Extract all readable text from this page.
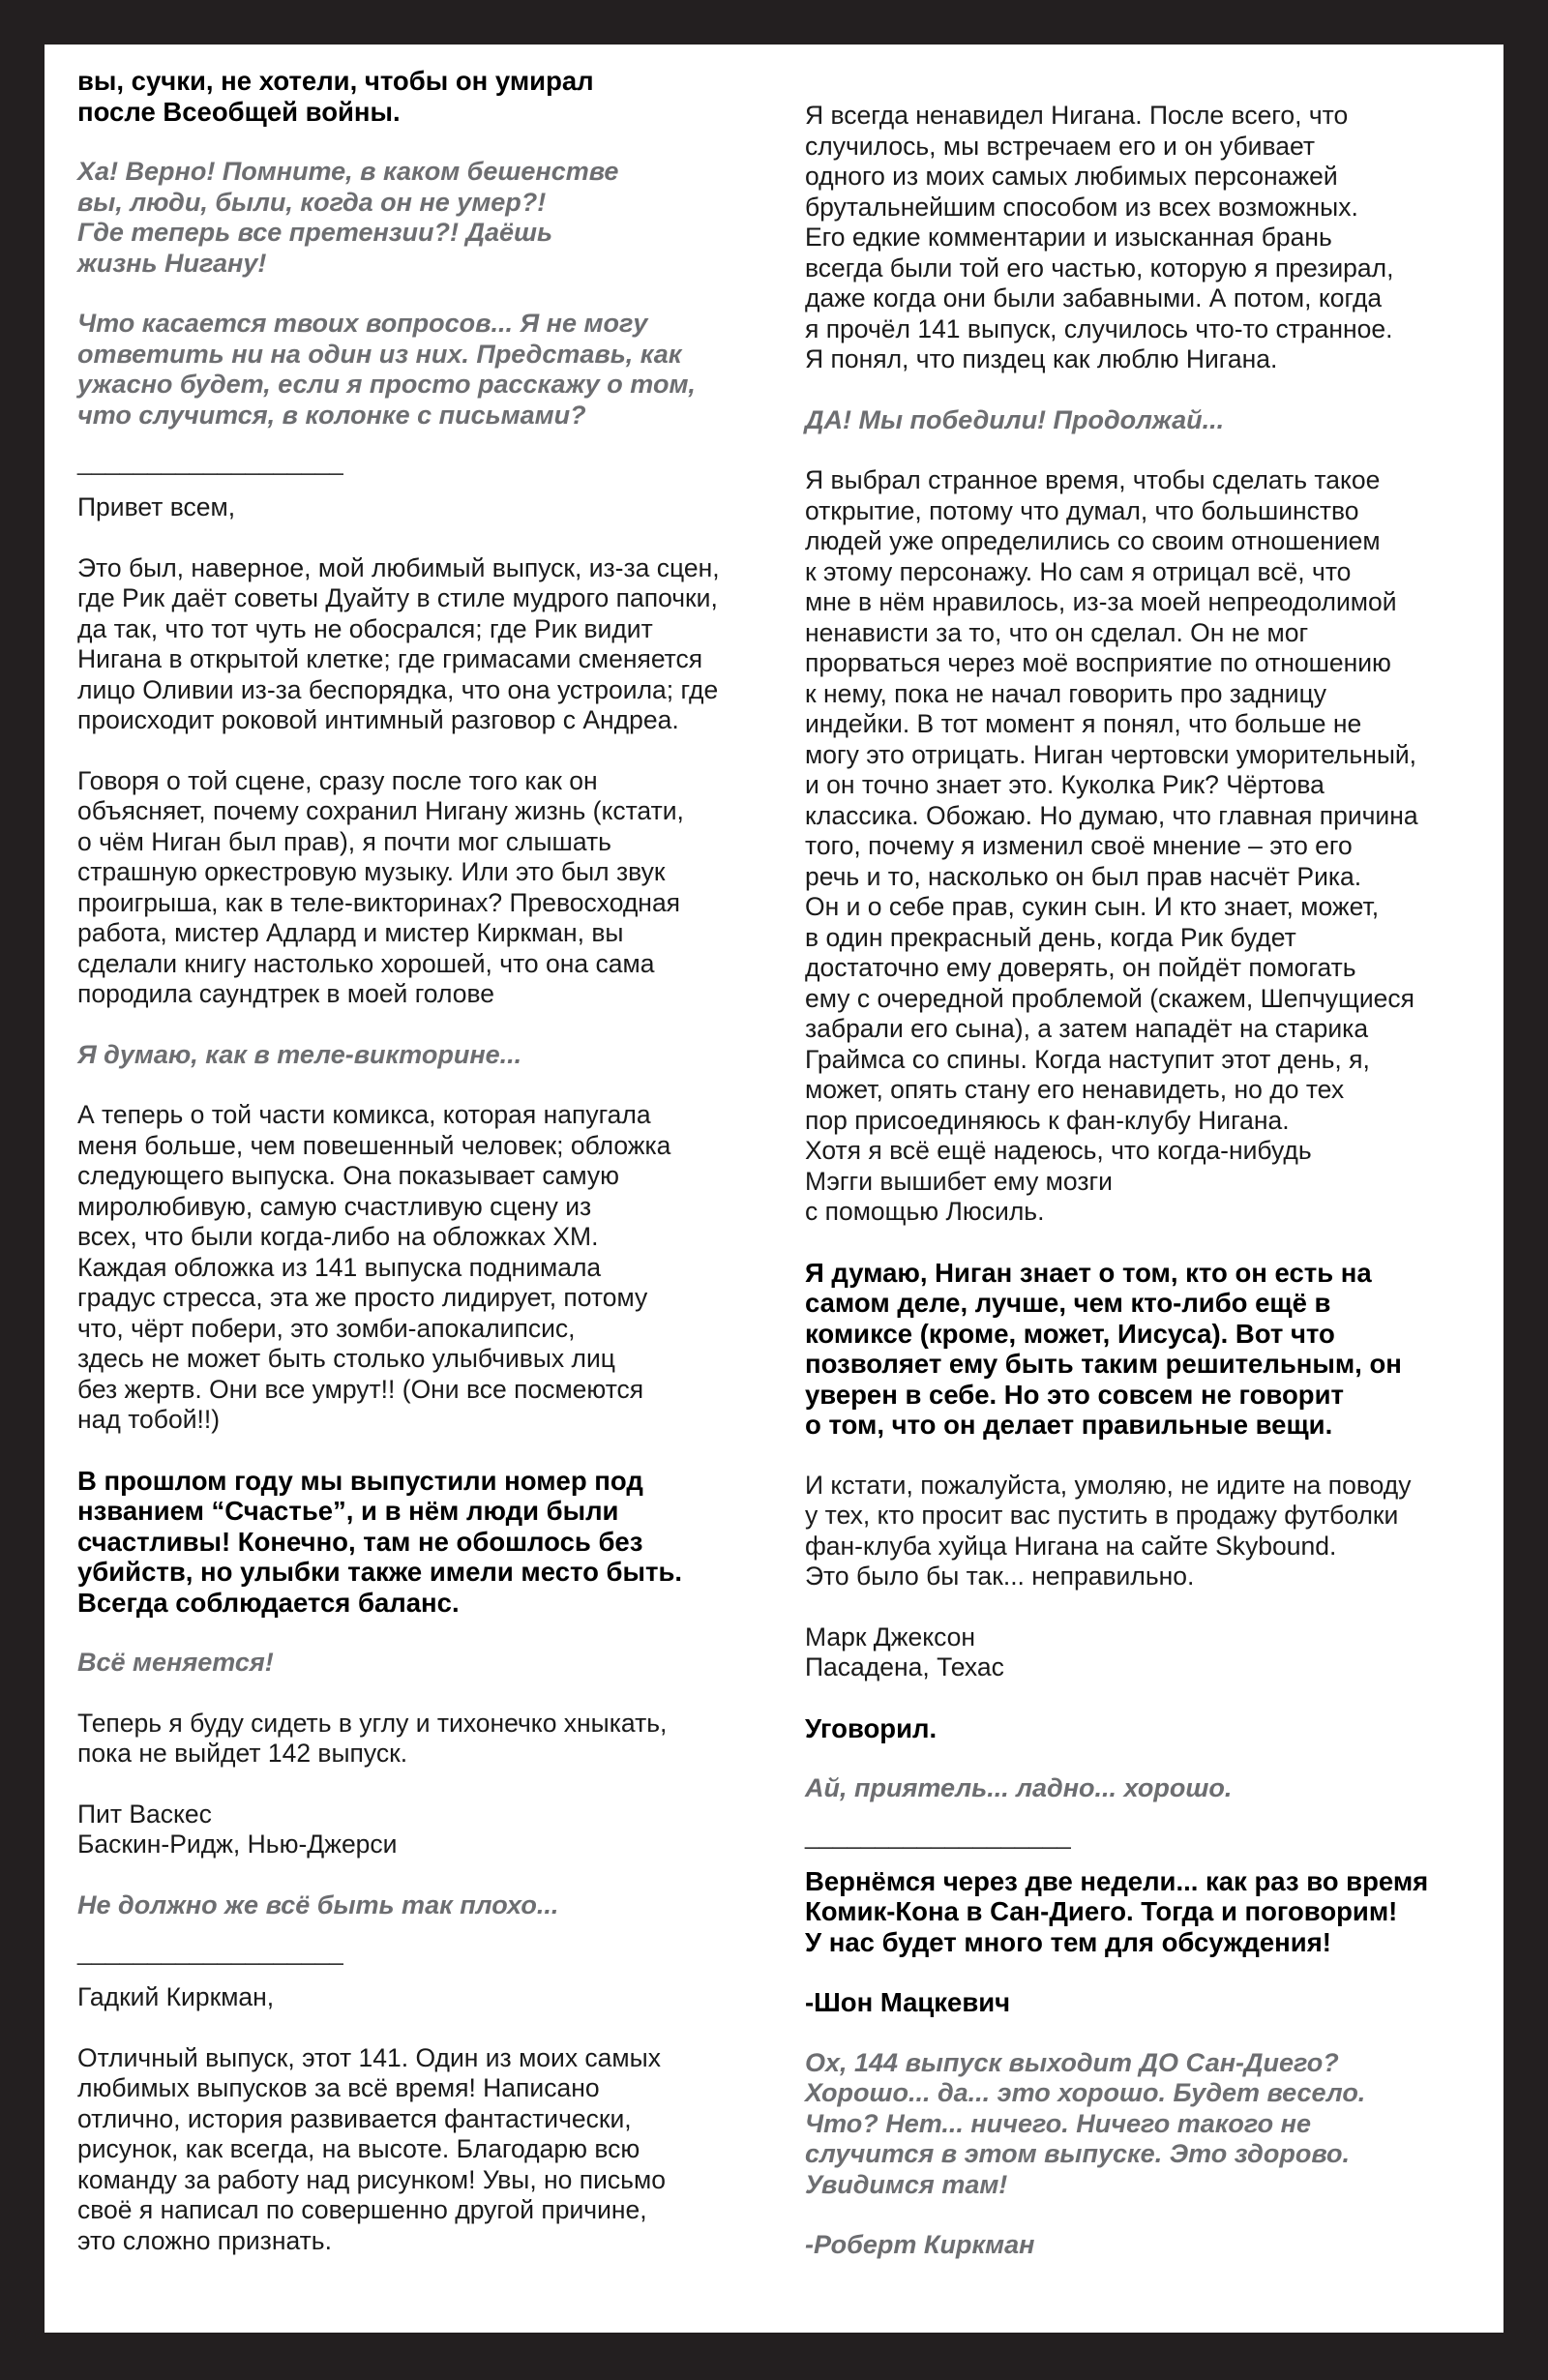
вы, сучки, не хотели, чтобы он умирал
после Всеобщей войны.

Ха! Верно! Помните, в каком бешенстве
вы, люди, были, когда он не умер?!
Где теперь все претензии?! Даёшь
жизнь Нигану!

Что касается твоих вопросов... Я не могу
ответить ни на один из них. Представь, как
ужасно будет, если я просто расскажу о том,
что случится, в колонке с письмами?

___________________

Привет всем,

Это был, наверное, мой любимый выпуск, из-за сцен,
где Рик даёт советы Дуайту в стиле мудрого папочки,
да так, что тот чуть не обосрался; где Рик видит
Нигана в открытой клетке; где гримасами сменяется
лицо Оливии из-за беспорядка, что она устроила; где
происходит роковой интимный разговор с Андреа.

Говоря о той сцене, сразу после того как он
объясняет, почему сохранил Нигану жизнь (кстати,
о чём Ниган был прав), я почти мог слышать
страшную оркестровую музыку. Или это был звук
проигрыша, как в теле-викторинах? Превосходная
работа, мистер Адлард и мистер Киркман, вы
сделали книгу настолько хорошей, что она сама
породила саундтрек в моей голове

Я думаю, как в теле-викторине...

А теперь о той части комикса, которая напугала
меня больше, чем повешенный человек; обложка
следующего выпуска. Она показывает самую
миролюбивую, самую счастливую сцену из
всех, что были когда-либо на обложках ХМ.
Каждая обложка из 141 выпуска поднимала
градус стресса, эта же просто лидирует, потому
что, чёрт побери, это зомби-апокалипсис,
здесь не может быть столько улыбчивых лиц
без жертв. Они все умрут!! (Они все посмеются
над тобой!!)

В прошлом году мы выпустили номер под
нзванием “Счастье”, и в нём люди были
счастливы! Конечно, там не обошлось без
убийств, но улыбки также имели место быть.
Всегда соблюдается баланс.

Всё меняется!

Теперь я буду сидеть в углу и тихонечко хныкать,
пока не выйдет 142 выпуск.

Пит Васкес
Баскин-Ридж, Нью-Джерси

Не должно же всё быть так плохо...

___________________

Гадкий Киркман,

Отличный выпуск, этот 141. Один из моих самых
любимых выпусков за всё время! Написано
отлично, история развивается фантастически,
рисунок, как всегда, на высоте. Благодарю всю
команду за работу над рисунком! Увы, но письмо
своё я написал по совершенно другой причине,
это сложно признать.

Я всегда ненавидел Нигана. После всего, что
случилось, мы встречаем его и он убивает
одного из моих самых любимых персонажей
брутальнейшим способом из всех возможных.
Его едкие комментарии и изысканная брань
всегда были той его частью, которую я презирал,
даже когда они были забавными. А потом, когда
я прочёл 141 выпуск, случилось что-то странное.
Я понял, что пиздец как люблю Нигана.

ДА! Мы победили! Продолжай...

Я выбрал странное время, чтобы сделать такое
открытие, потому что думал, что большинство
людей уже определились со своим отношением
к этому персонажу. Но сам я отрицал всё, что
мне в нём нравилось, из-за моей непреодолимой
ненависти за то, что он сделал. Он не мог
прорваться через моё восприятие по отношению
к нему, пока не начал говорить про задницу
индейки. В тот момент я понял, что больше не
могу это отрицать. Ниган чертовски уморительный,
и он точно знает это. Куколка Рик? Чёртова
классика. Обожаю. Но думаю, что главная причина
того, почему я изменил своё мнение – это его
речь и то, насколько он был прав насчёт Рика.
Он и о себе прав, сукин сын. И кто знает, может,
в один прекрасный день, когда Рик будет
достаточно ему доверять, он пойдёт помогать
ему с очередной проблемой (скажем, Шепчущиеся
забрали его сына), а затем нападёт на старика
Граймса со спины. Когда наступит этот день, я,
может, опять стану его ненавидеть, но до тех
пор присоединяюсь к фан-клубу Нигана.
Хотя я всё ещё надеюсь, что когда-нибудь
Мэгги вышибет ему мозги
с помощью Люсиль.

Я думаю, Ниган знает о том, кто он есть на
самом деле, лучше, чем кто-либо ещё в
комиксе (кроме, может, Иисуса). Вот что
позволяет ему быть таким решительным, он
уверен в себе. Но это совсем не говорит
о том, что он делает правильные вещи.

И кстати, пожалуйста, умоляю, не идите на поводу
у тех, кто просит вас пустить в продажу футболки
фан-клуба хуйца Нигана на сайте Skybound.
Это было бы так... неправильно.

Марк Джексон
Пасадена, Техас

Уговорил.

Ай, приятель... ладно... хорошо.

___________________

Вернёмся через две недели... как раз во время
Комик-Кона в Сан-Диего. Тогда и поговорим!
У нас будет много тем для обсуждения!

-Шон Мацкевич

Ох, 144 выпуск выходит ДО Сан-Диего?
Хорошо... да... это хорошо. Будет весело.
Что? Нет... ничего. Ничего такого не
случится в этом выпуске. Это здорово.
Увидимся там!

-Роберт Киркман
